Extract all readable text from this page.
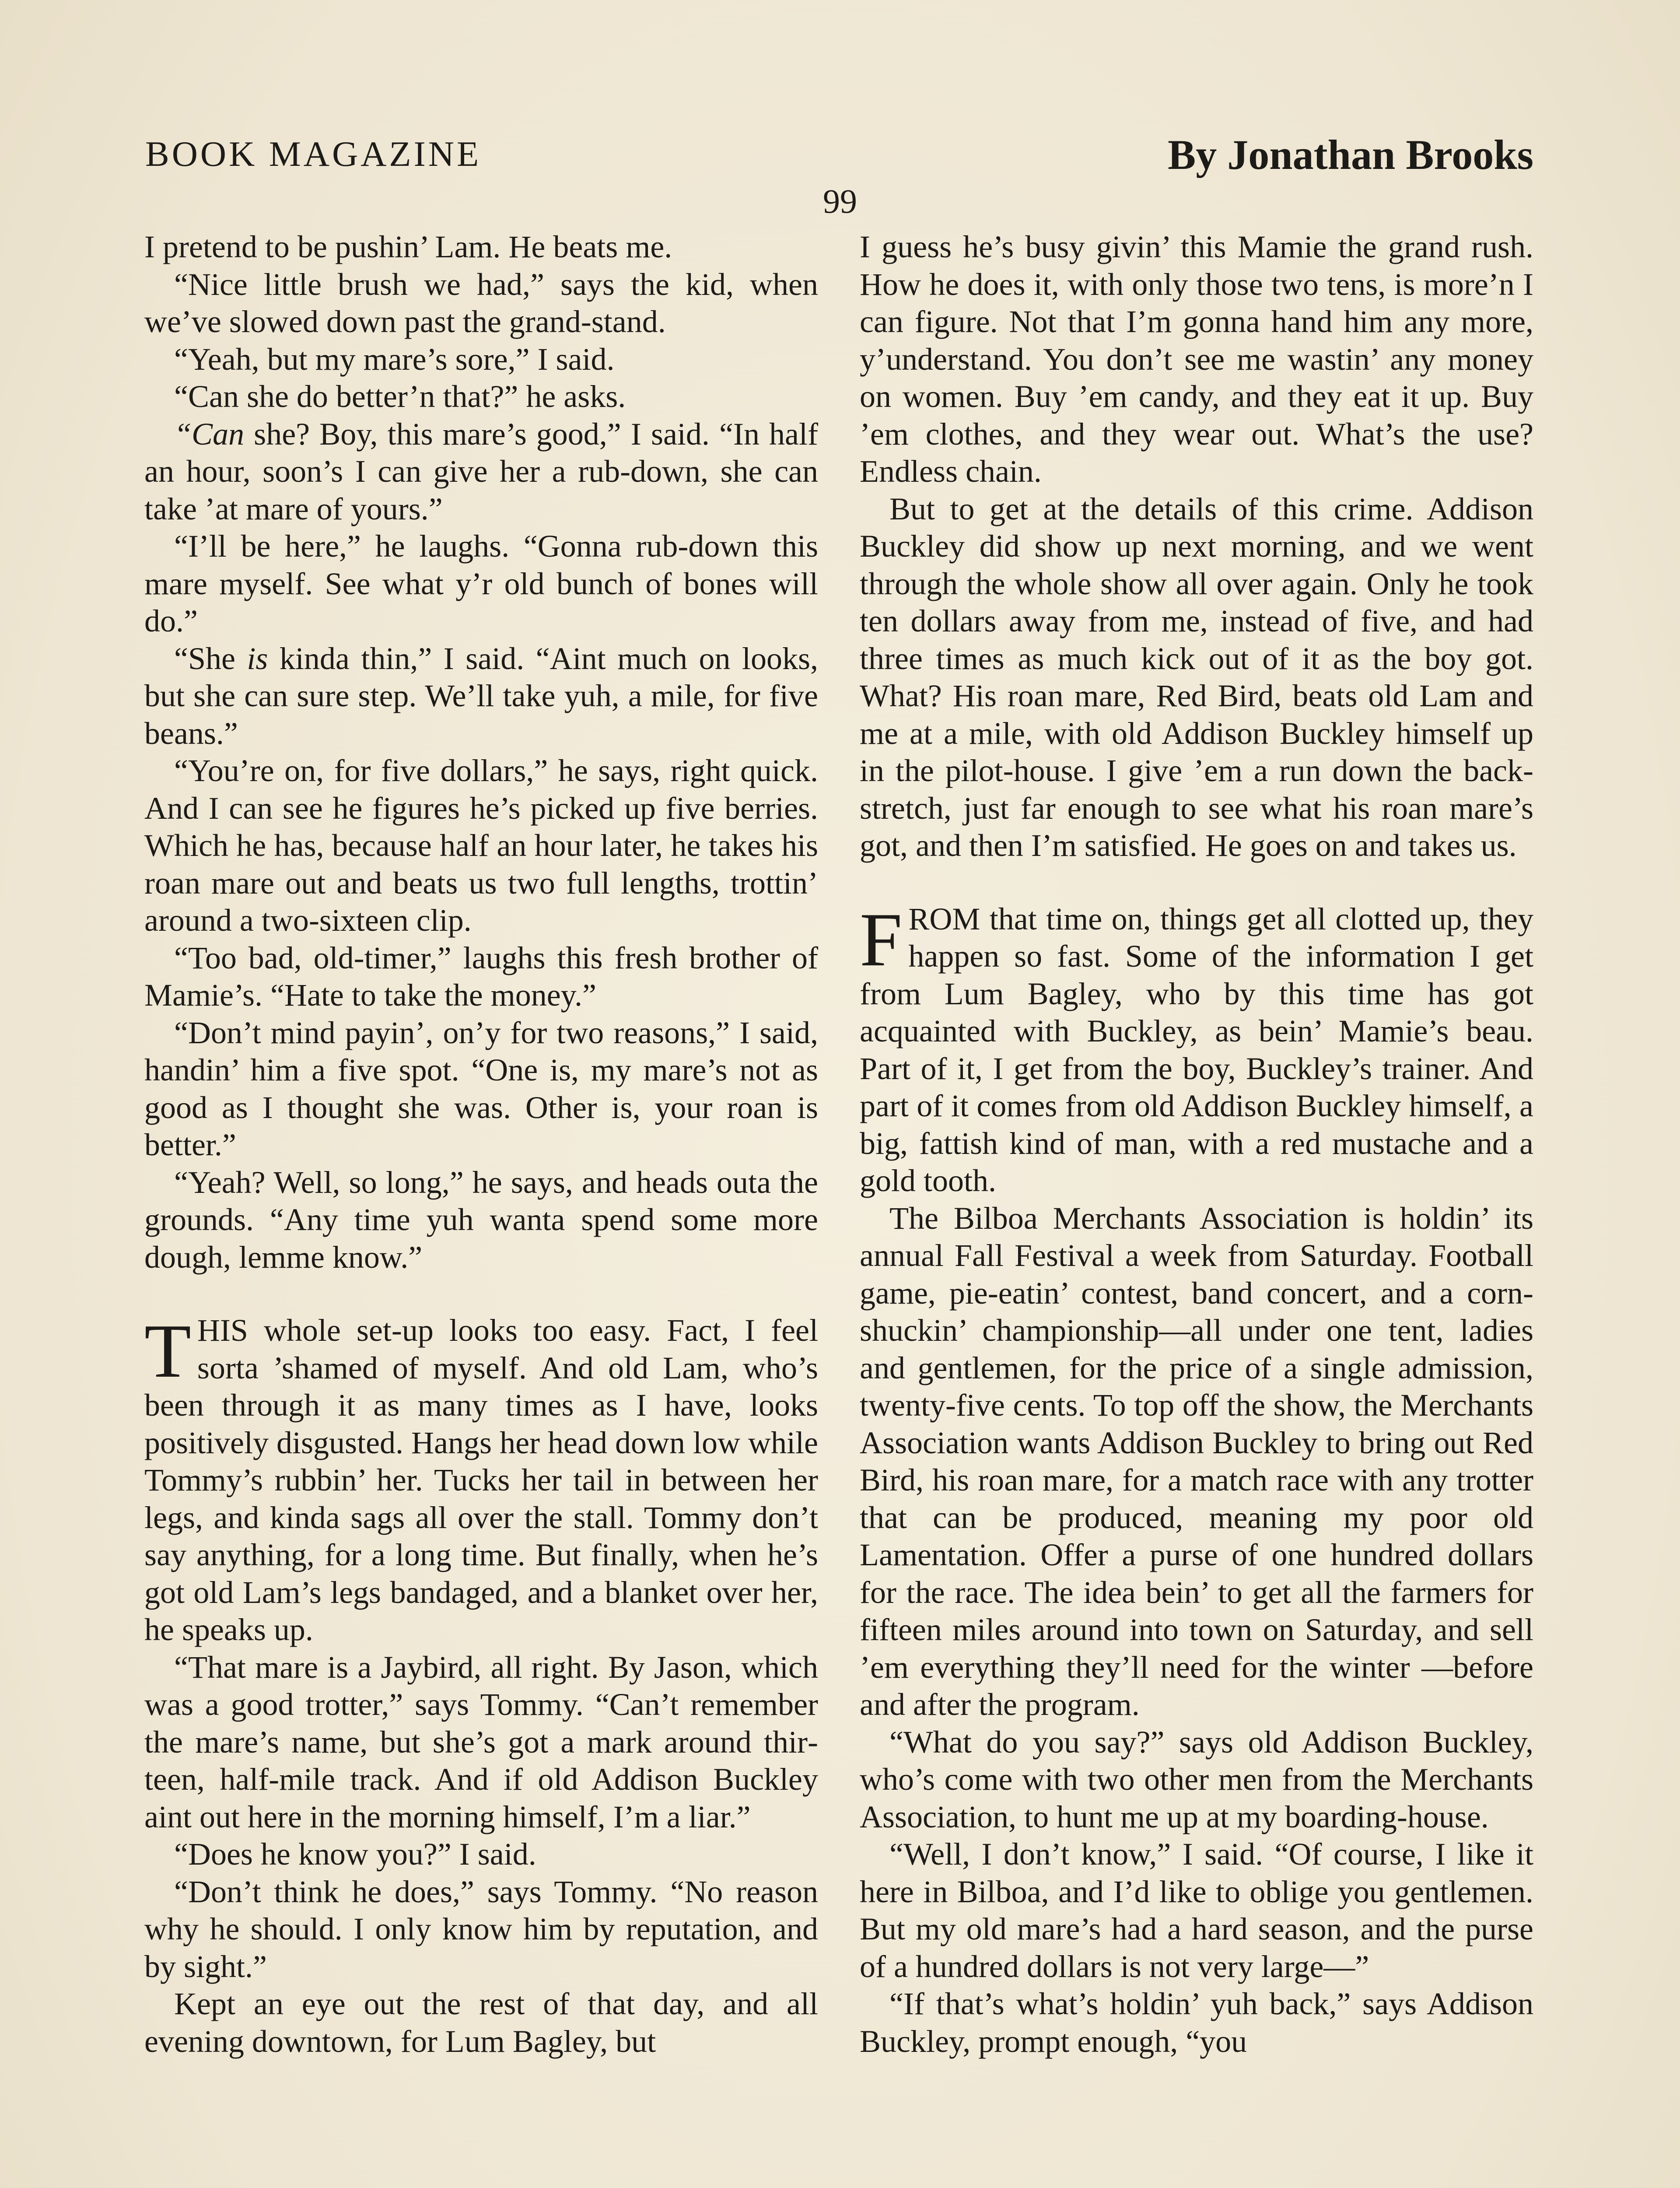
BOOK MAGAZINE	By Jonathan Brooks
99

I pretend to be pushin’ Lam. He beats me.

“Nice little brush we had,” says the kid, when we’ve slowed down past the grand-stand.

“Yeah, but my mare’s sore,” I said.

“Can she do better’n that?” he asks.

“Can she? Boy, this mare’s good,” I said. “In half an hour, soon’s I can give her a rub-down, she can take ’at mare of yours.”

“I’ll be here,” he laughs. “Gonna rub-down this mare myself. See what y’r old bunch of bones will do.”

“She is kinda thin,” I said. “Aint much on looks, but she can sure step. We’ll take yuh, a mile, for five beans.”

“You’re on, for five dollars,” he says, right quick. And I can see he figures he’s picked up five berries. Which he has, because half an hour later, he takes his roan mare out and beats us two full lengths, trottin’ around a two-sixteen clip.

“Too bad, old-timer,” laughs this fresh brother of Mamie’s. “Hate to take the money.”

“Don’t mind payin’, on’y for two reasons,” I said, handin’ him a five spot. “One is, my mare’s not as good as I thought she was. Other is, your roan is better.”

“Yeah? Well, so long,” he says, and heads outa the grounds. “Any time yuh wanta spend some more dough, lemme know.”

THIS whole set-up looks too easy. Fact, I feel sorta ’shamed of myself. And old Lam, who’s been through it as many times as I have, looks positively disgusted. Hangs her head down low while Tommy’s rubbin’ her. Tucks her tail in between her legs, and kinda sags all over the stall. Tommy don’t say anything, for a long time. But finally, when he’s got old Lam’s legs bandaged, and a blanket over her, he speaks up.

“That mare is a Jaybird, all right. By Jason, which was a good trotter,” says Tommy. “Can’t remember the mare’s name, but she’s got a mark around thirteen, half-mile track. And if old Addison Buckley aint out here in the morning himself, I’m a liar.”

“Does he know you?” I said.

“Don’t think he does,” says Tommy. “No reason why he should. I only know him by reputation, and by sight.”

Kept an eye out the rest of that day, and all evening downtown, for Lum Bagley, but

I guess he’s busy givin’ this Mamie the grand rush. How he does it, with only those two tens, is more’n I can figure. Not that I’m gonna hand him any more, y’understand. You don’t see me wastin’ any money on women. Buy ’em candy, and they eat it up. Buy ’em clothes, and they wear out. What’s the use? Endless chain.

But to get at the details of this crime. Addison Buckley did show up next morning, and we went through the whole show all over again. Only he took ten dollars away from me, instead of five, and had three times as much kick out of it as the boy got. What? His roan mare, Red Bird, beats old Lam and me at a mile, with old Addison Buckley himself up in the pilot-house. I give ’em a run down the back-stretch, just far enough to see what his roan mare’s got, and then I’m satisfied. He goes on and takes us.

FROM that time on, things get all clotted up, they happen so fast. Some of the information I get from Lum Bagley, who by this time has got acquainted with Buckley, as bein’ Mamie’s beau. Part of it, I get from the boy, Buckley’s trainer. And part of it comes from old Addison Buckley himself, a big, fattish kind of man, with a red mustache and a gold tooth.

The Bilboa Merchants Association is holdin’ its annual Fall Festival a week from Saturday. Football game, pie-eatin’ contest, band concert, and a corn-shuckin’ championship—all under one tent, ladies and gentlemen, for the price of a single admission, twenty-five cents. To top off the show, the Merchants Association wants Addison Buckley to bring out Red Bird, his roan mare, for a match race with any trotter that can be produced, meaning my poor old Lamentation. Offer a purse of one hundred dollars for the race. The idea bein’ to get all the farmers for fifteen miles around into town on Saturday, and sell ’em everything they’ll need for the winter —before and after the program.

“What do you say?” says old Addison Buckley, who’s come with two other men from the Merchants Association, to hunt me up at my boarding-house.

“Well, I don’t know,” I said. “Of course, I like it here in Bilboa, and I’d like to oblige you gentlemen. But my old mare’s had a hard season, and the purse of a hundred dollars is not very large—”

“If that’s what’s holdin’ yuh back,” says Addison Buckley, prompt enough, “you
